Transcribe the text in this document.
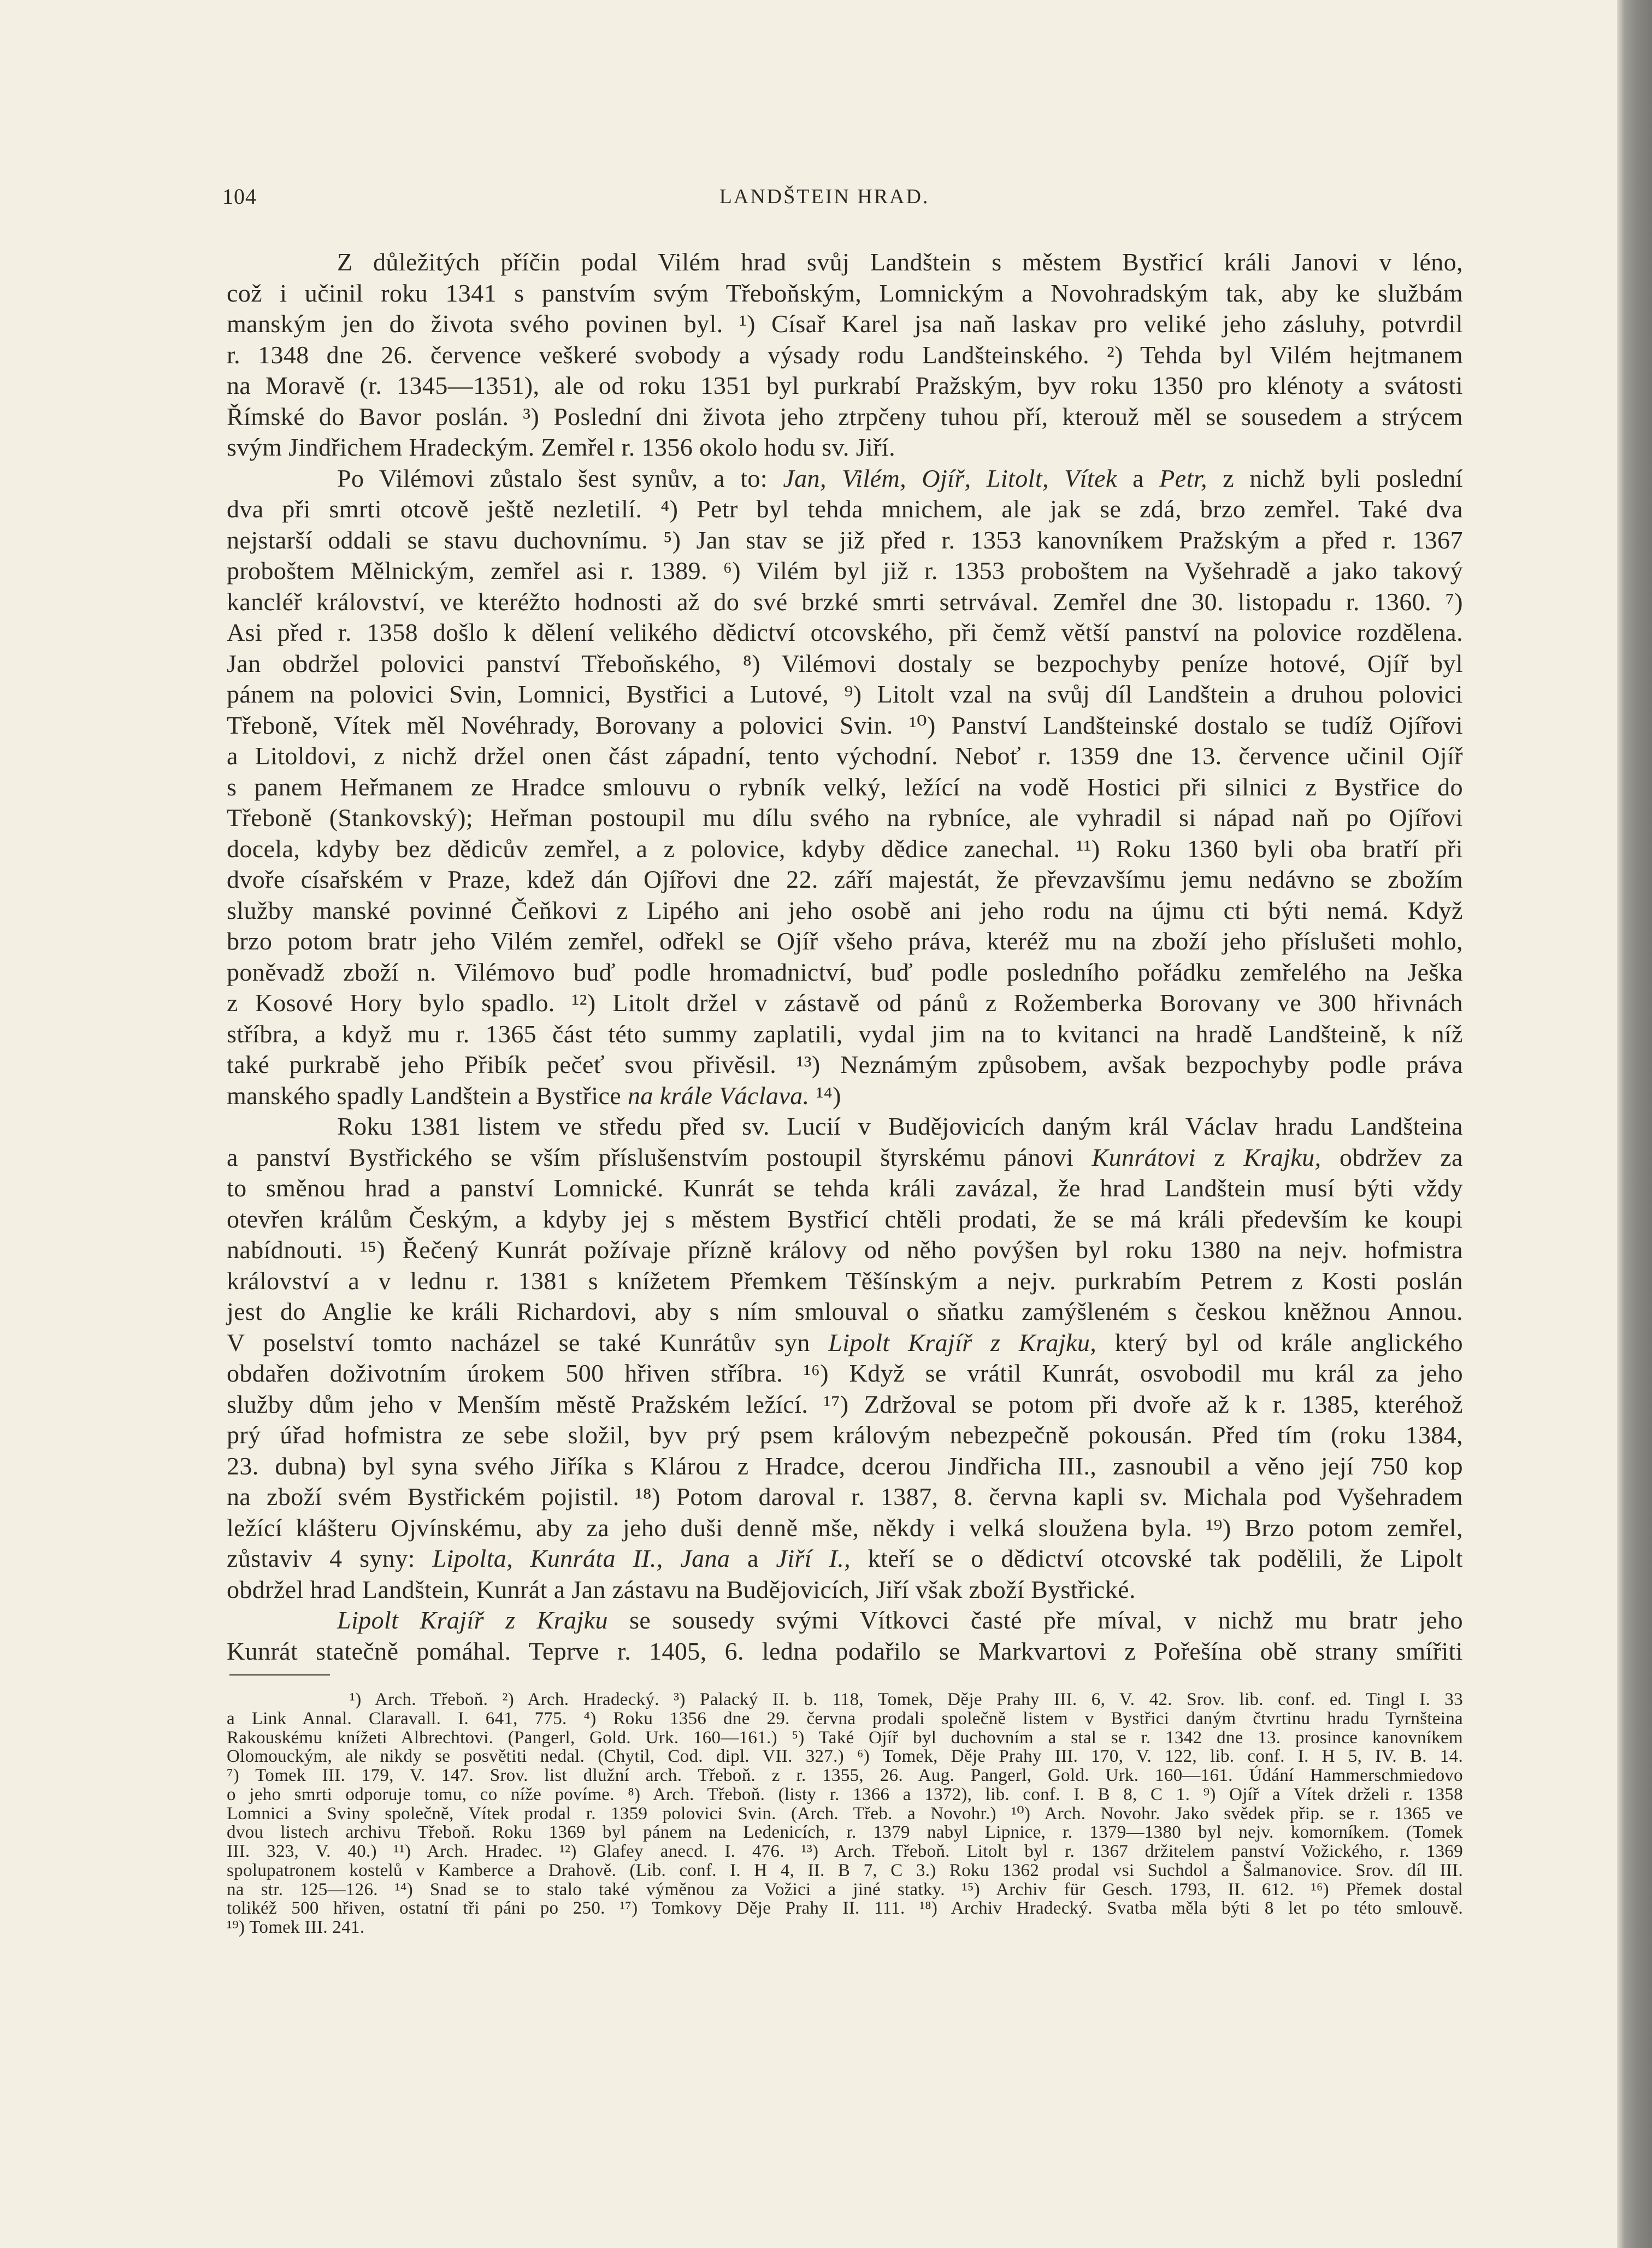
104	LANDŠTEIN HRAD.
Z důležitých příčin podal Vilém hrad svůj Landštein s městem Bystřicí králi Janovi v léno,
což i učinil roku 1341 s panstvím svým Třeboňským, Lomnickým a Novohradským tak, aby ke službám
manským jen do života svého povinen byl. ¹) Císař Karel jsa naň laskav pro veliké jeho zásluhy, potvrdil
r. 1348 dne 26. července veškeré svobody a výsady rodu Landšteinského. ²) Tehda byl Vilém hejtmanem
na Moravě (r. 1345—1351), ale od roku 1351 byl purkrabí Pražským, byv roku 1350 pro klénoty a svátosti
Římské do Bavor poslán. ³) Poslední dni života jeho ztrpčeny tuhou pří, kterouž měl se sousedem a strýcem
svým Jindřichem Hradeckým. Zemřel r. 1356 okolo hodu sv. Jiří.
Po Vilémovi zůstalo šest synův, a to: Jan, Vilém, Ojíř, Litolt, Vítek a Petr, z nichž byli poslední
dva při smrti otcově ještě nezletilí. ⁴) Petr byl tehda mnichem, ale jak se zdá, brzo zemřel. Také dva
nejstarší oddali se stavu duchovnímu. ⁵) Jan stav se již před r. 1353 kanovníkem Pražským a před r. 1367
proboštem Mělnickým, zemřel asi r. 1389. ⁶) Vilém byl již r. 1353 proboštem na Vyšehradě a jako takový
kancléř království, ve kteréžto hodnosti až do své brzké smrti setrvával. Zemřel dne 30. listopadu r. 1360. ⁷)
Asi před r. 1358 došlo k dělení velikého dědictví otcovského, při čemž větší panství na polovice rozdělena.
Jan obdržel polovici panství Třeboňského, ⁸) Vilémovi dostaly se bezpochyby peníze hotové, Ojíř byl
pánem na polovici Svin, Lomnici, Bystřici a Lutové, ⁹) Litolt vzal na svůj díl Landštein a druhou polovici
Třeboně, Vítek měl Novéhrady, Borovany a polovici Svin. ¹⁰) Panství Landšteinské dostalo se tudíž Ojířovi
a Litoldovi, z nichž držel onen část západní, tento východní. Neboť r. 1359 dne 13. července učinil Ojíř
s panem Heřmanem ze Hradce smlouvu o rybník velký, ležící na vodě Hostici při silnici z Bystřice do
Třeboně (Stankovský); Heřman postoupil mu dílu svého na rybníce, ale vyhradil si nápad naň po Ojířovi
docela, kdyby bez dědicův zemřel, a z polovice, kdyby dědice zanechal. ¹¹) Roku 1360 byli oba bratří při
dvoře císařském v Praze, kdež dán Ojířovi dne 22. září majestát, že převzavšímu jemu nedávno se zbožím
služby manské povinné Čeňkovi z Lipého ani jeho osobě ani jeho rodu na újmu cti býti nemá. Když
brzo potom bratr jeho Vilém zemřel, odřekl se Ojíř všeho práva, kteréž mu na zboží jeho příslušeti mohlo,
poněvadž zboží n. Vilémovo buď podle hromadnictví, buď podle posledního pořádku zemřelého na Ješka
z Kosové Hory bylo spadlo. ¹²) Litolt držel v zástavě od pánů z Rožemberka Borovany ve 300 hřivnách
stříbra, a když mu r. 1365 část této summy zaplatili, vydal jim na to kvitanci na hradě Landšteině, k níž
také purkrabě jeho Přibík pečeť svou přivěsil. ¹³) Neznámým způsobem, avšak bezpochyby podle práva
manského spadly Landštein a Bystřice na krále Václava. ¹⁴)
Roku 1381 listem ve středu před sv. Lucií v Budějovicích daným král Václav hradu Landšteina
a panství Bystřického se vším příslušenstvím postoupil štyrskému pánovi Kunrátovi z Krajku, obdržev za
to směnou hrad a panství Lomnické. Kunrát se tehda králi zavázal, že hrad Landštein musí býti vždy
otevřen králům Českým, a kdyby jej s městem Bystřicí chtěli prodati, že se má králi především ke koupi
nabídnouti. ¹⁵) Řečený Kunrát požívaje přízně královy od něho povýšen byl roku 1380 na nejv. hofmistra
království a v lednu r. 1381 s knížetem Přemkem Těšínským a nejv. purkrabím Petrem z Kosti poslán
jest do Anglie ke králi Richardovi, aby s ním smlouval o sňatku zamýšleném s českou kněžnou Annou.
V poselství tomto nacházel se také Kunrátův syn Lipolt Krajíř z Krajku, který byl od krále anglického
obdařen doživotním úrokem 500 hřiven stříbra. ¹⁶) Když se vrátil Kunrát, osvobodil mu král za jeho
služby dům jeho v Menším městě Pražském ležící. ¹⁷) Zdržoval se potom při dvoře až k r. 1385, kteréhož
prý úřad hofmistra ze sebe složil, byv prý psem královým nebezpečně pokousán. Před tím (roku 1384,
23. dubna) byl syna svého Jiříka s Klárou z Hradce, dcerou Jindřicha III., zasnoubil a věno její 750 kop
na zboží svém Bystřickém pojistil. ¹⁸) Potom daroval r. 1387, 8. června kapli sv. Michala pod Vyšehradem
ležící klášteru Ojvínskému, aby za jeho duši denně mše, někdy i velká sloužena byla. ¹⁹) Brzo potom zemřel,
zůstaviv 4 syny: Lipolta, Kunráta II., Jana a Jiří I., kteří se o dědictví otcovské tak podělili, že Lipolt
obdržel hrad Landštein, Kunrát a Jan zástavu na Budějovicích, Jiří však zboží Bystřické.
Lipolt Krajíř z Krajku se sousedy svými Vítkovci časté pře míval, v nichž mu bratr jeho
Kunrát statečně pomáhal. Teprve r. 1405, 6. ledna podařilo se Markvartovi z Pořešína obě strany smířiti
¹) Arch. Třeboň. ²) Arch. Hradecký. ³) Palacký II. b. 118, Tomek, Děje Prahy III. 6, V. 42. Srov. lib. conf. ed. Tingl I. 33
a Link Annal. Claravall. I. 641, 775. ⁴) Roku 1356 dne 29. června prodali společně listem v Bystřici daným čtvrtinu hradu Tyrnšteina
Rakouskému knížeti Albrechtovi. (Pangerl, Gold. Urk. 160—161.) ⁵) Také Ojíř byl duchovním a stal se r. 1342 dne 13. prosince kanovníkem
Olomouckým, ale nikdy se posvětiti nedal. (Chytil, Cod. dipl. VII. 327.) ⁶) Tomek, Děje Prahy III. 170, V. 122, lib. conf. I. H 5, IV. B. 14.
⁷) Tomek III. 179, V. 147. Srov. list dlužní arch. Třeboň. z r. 1355, 26. Aug. Pangerl, Gold. Urk. 160—161. Údání Hammerschmiedovo
o jeho smrti odporuje tomu, co níže povíme. ⁸) Arch. Třeboň. (listy r. 1366 a 1372), lib. conf. I. B 8, C 1. ⁹) Ojíř a Vítek drželi r. 1358
Lomnici a Sviny společně, Vítek prodal r. 1359 polovici Svin. (Arch. Třeb. a Novohr.) ¹⁰) Arch. Novohr. Jako svědek přip. se r. 1365 ve
dvou listech archivu Třeboň. Roku 1369 byl pánem na Ledenicích, r. 1379 nabyl Lipnice, r. 1379—1380 byl nejv. komorníkem. (Tomek
III. 323, V. 40.) ¹¹) Arch. Hradec. ¹²) Glafey anecd. I. 476. ¹³) Arch. Třeboň. Litolt byl r. 1367 držitelem panství Vožického, r. 1369
spolupatronem kostelů v Kamberce a Drahově. (Lib. conf. I. H 4, II. B 7, C 3.) Roku 1362 prodal vsi Suchdol a Šalmanovice. Srov. díl III.
na str. 125—126. ¹⁴) Snad se to stalo také výměnou za Vožici a jiné statky. ¹⁵) Archiv für Gesch. 1793, II. 612. ¹⁶) Přemek dostal
tolikéž 500 hřiven, ostatní tři páni po 250. ¹⁷) Tomkovy Děje Prahy II. 111. ¹⁸) Archiv Hradecký. Svatba měla býti 8 let po této smlouvě.
¹⁹) Tomek III. 241.
